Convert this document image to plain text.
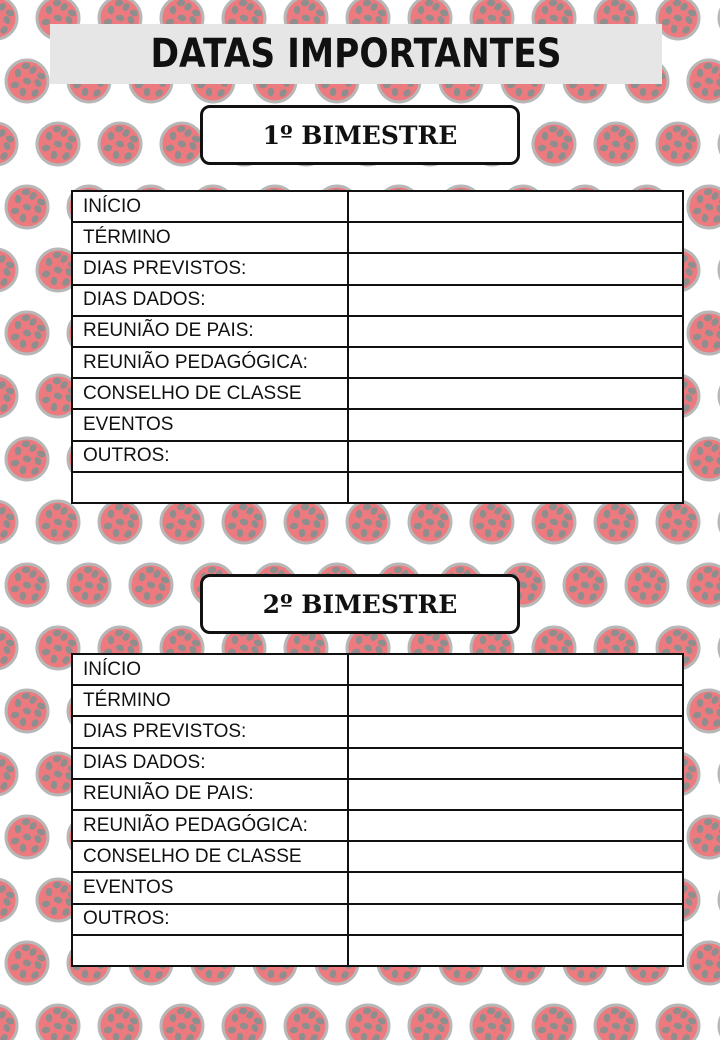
DATAS IMPORTANTES
1º BIMESTRE
INÍCIO	
TÉRMINO	
DIAS PREVISTOS:	
DIAS DADOS:	
REUNIÃO DE PAIS:	
REUNIÃO PEDAGÓGICA:	
CONSELHO DE CLASSE	
EVENTOS	
OUTROS:	

2º BIMESTRE
INÍCIO	
TÉRMINO	
DIAS PREVISTOS:	
DIAS DADOS:	
REUNIÃO DE PAIS:	
REUNIÃO PEDAGÓGICA:	
CONSELHO DE CLASSE	
EVENTOS	
OUTROS:	
